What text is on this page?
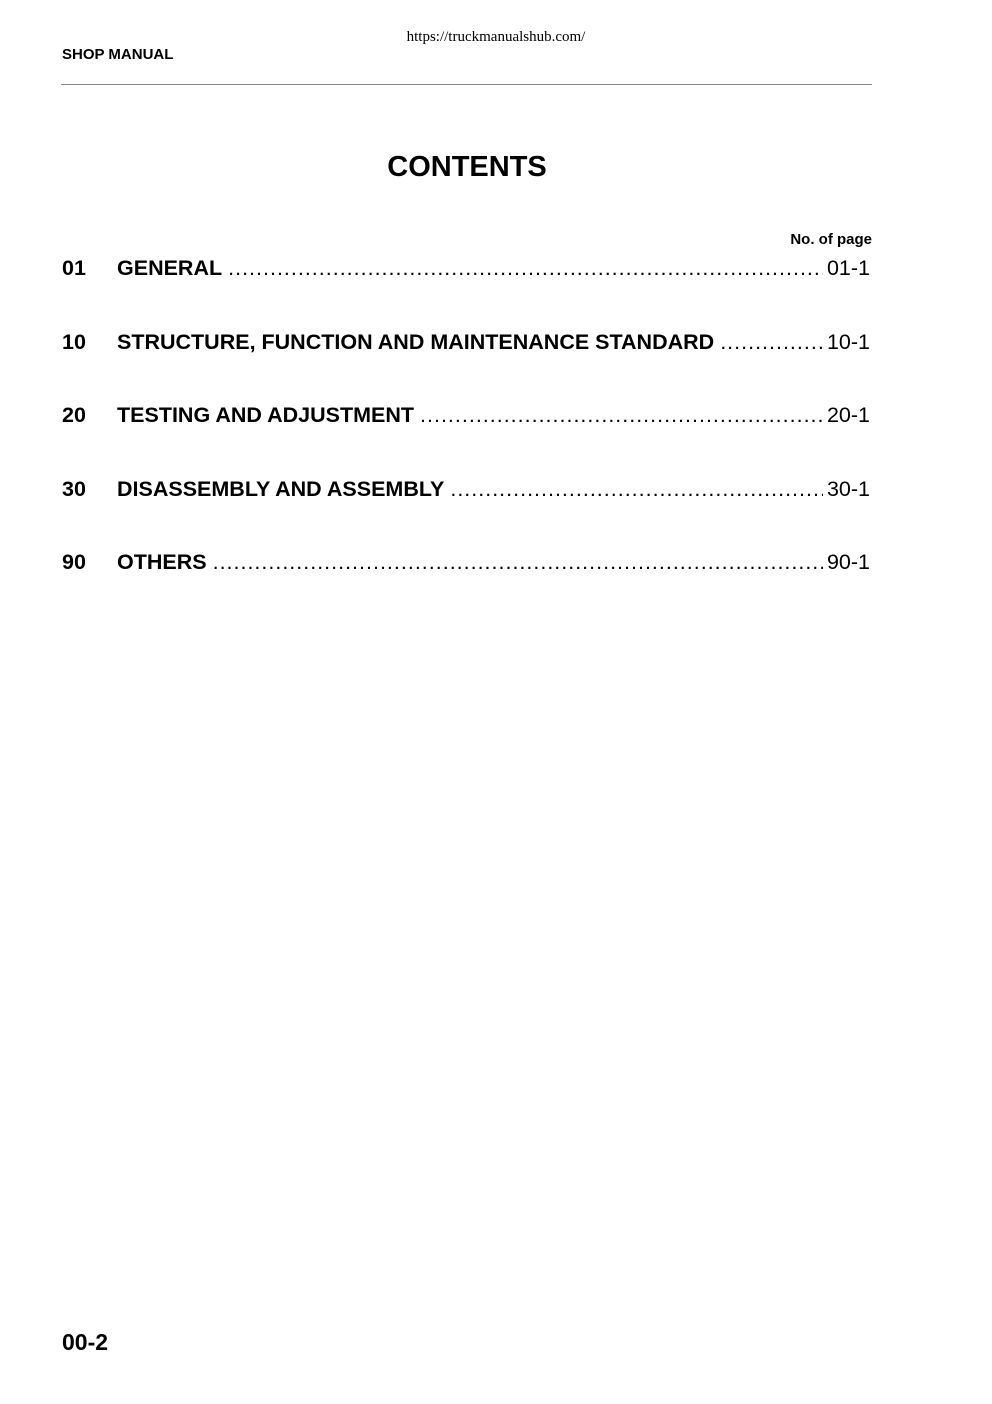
https://truckmanualshub.com/
SHOP MANUAL
CONTENTS
No. of page
01	GENERAL .....	01-1
10	STRUCTURE, FUNCTION AND MAINTENANCE STANDARD .....	10-1
20	TESTING AND ADJUSTMENT .....	20-1
30	DISASSEMBLY AND ASSEMBLY .....	30-1
90	OTHERS .....	90-1
00-2
